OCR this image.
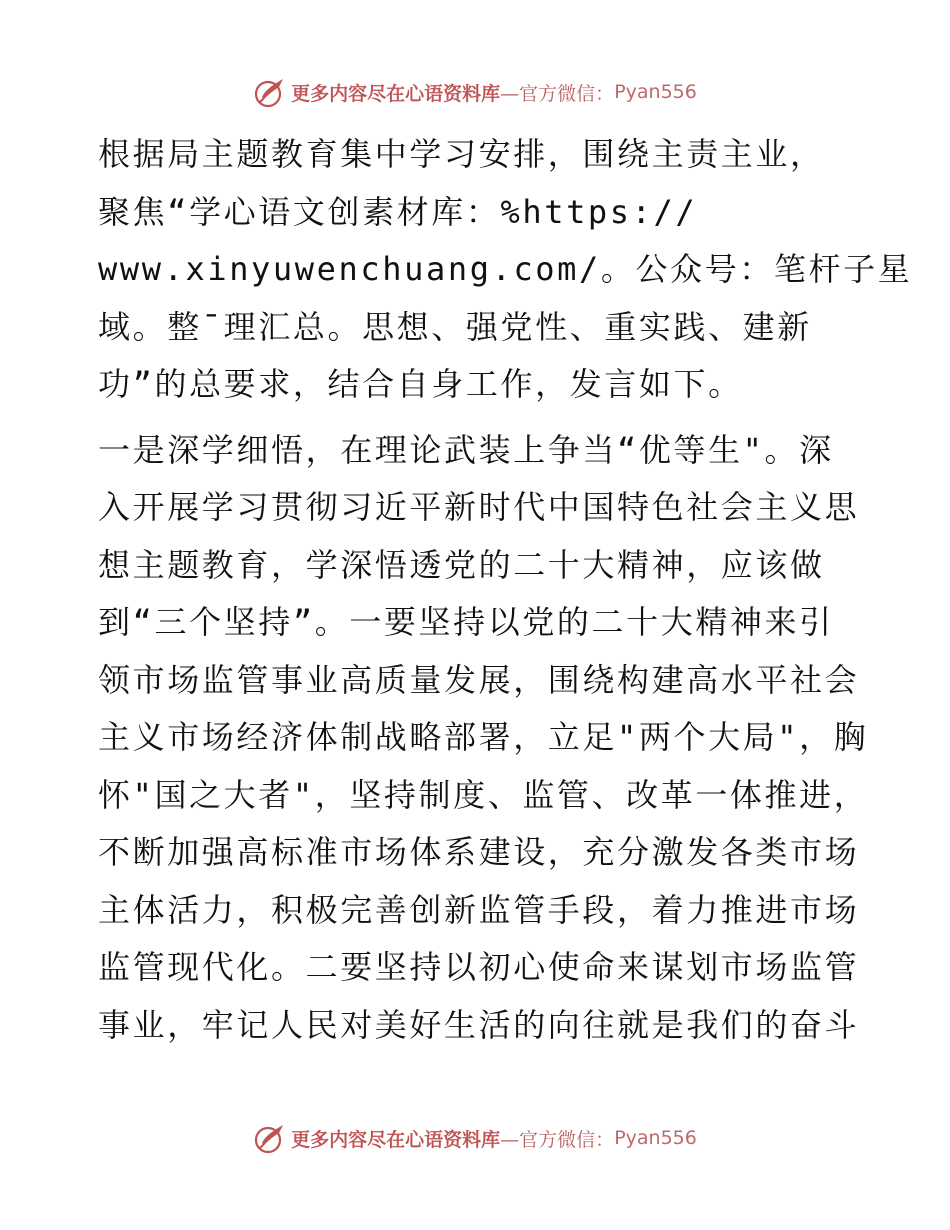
更多内容尽在心语资料库 —官方微信： Pyan556
根据局主题教育集中学习安排，围绕主责主业，
聚焦“学心语文创素材库：%https://
www.xinyuwenchuang.com/。公众号：笔杆子星
域。整¯理汇总。思想、强党性、重实践、建新
功”的总要求，结合自身工作，发言如下。
一是深学细悟，在理论武装上争当“优等生"。深
入开展学习贯彻习近平新时代中国特色社会主义思
想主题教育，学深悟透党的二十大精神，应该做
到“三个坚持”。一要坚持以党的二十大精神来引
领市场监管事业高质量发展，围绕构建高水平社会
主义市场经济体制战略部署，立足"两个大局"，胸
怀"国之大者"，坚持制度、监管、改革一体推进，
不断加强高标准市场体系建设，充分激发各类市场
主体活力，积极完善创新监管手段，着力推进市场
监管现代化。二要坚持以初心使命来谋划市场监管
事业，牢记人民对美好生活的向往就是我们的奋斗
更多内容尽在心语资料库 —官方微信： Pyan556
